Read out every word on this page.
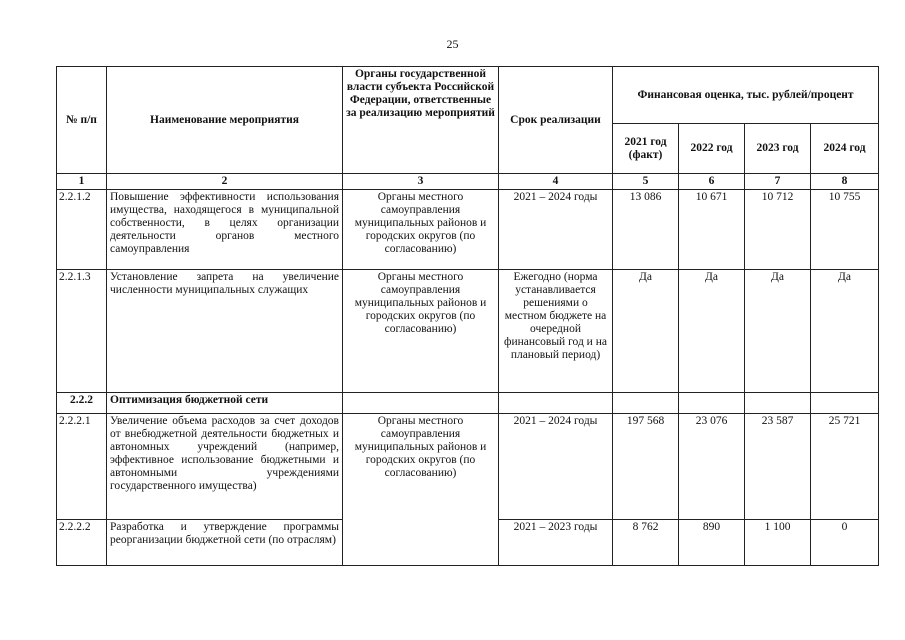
25
№ п/п	Наименование мероприятия	Органы государственной власти субъекта Российской Федерации, ответственные за реализацию мероприятий	Срок реализации	Финансовая оценка, тыс. рублей/процент			
				2021 год (факт)	2022 год	2023 год	2024 год
1	2	3	4	5	6	7	8
2.2.1.2	Повышение эффективности использования имущества, находящегося в муниципальной собственности, в целях организации деятельности органов местного самоуправления	Органы местного самоуправления муниципальных районов и городских округов (по согласованию)	2021 – 2024 годы	13 086	10 671	10 712	10 755
2.2.1.3	Установление запрета на увеличение численности муниципальных служащих	Органы местного самоуправления муниципальных районов и городских округов (по согласованию)	Ежегодно (норма устанавливается решениями о местном бюджете на очередной финансовый год и на плановый период)	Да	Да	Да	Да
2.2.2	Оптимизация бюджетной сети						
2.2.2.1	Увеличение объема расходов за счет доходов от внебюджетной деятельности бюджетных и автономных учреждений (например, эффективное использование бюджетными и автономными учреждениями государственного имущества)	Органы местного самоуправления муниципальных районов и городских округов (по согласованию)	2021 – 2024 годы	197 568	23 076	23 587	25 721
2.2.2.2	Разработка и утверждение программы реорганизации бюджетной сети (по отраслям)		2021 – 2023 годы	8 762	890	1 100	0
